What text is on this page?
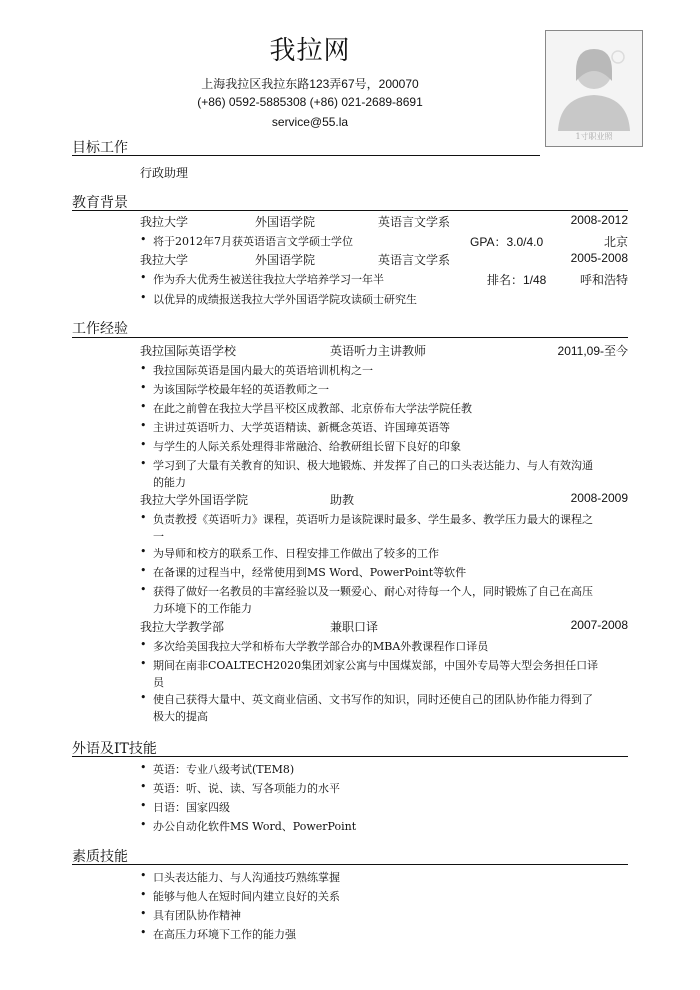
我拉网
上海我拉区我拉东路123弄67号，200070
(+86) 0592-5885308 (+86) 021-2689-8691
service@55.la
1寸职业照
目标工作
行政助理
教育背景
我拉大学	外国语学院	英语言文学系	2008-2012
• 将于2012年7月获英语语言文学硕士学位	GPA：3.0/4.0	北京
我拉大学	外国语学院	英语言文学系	2005-2008
• 作为乔大优秀生被送往我拉大学培养学习一年半	排名：1/48	呼和浩特
• 以优异的成绩报送我拉大学外国语学院攻读硕士研究生
工作经验
我拉国际英语学校	英语听力主讲教师	2011,09-至今
• 我拉国际英语是国内最大的英语培训机构之一
• 为该国际学校最年轻的英语教师之一
• 在此之前曾在我拉大学昌平校区成教部、北京侨布大学法学院任教
• 主讲过英语听力、大学英语精读、新概念英语、许国璋英语等
• 与学生的人际关系处理得非常融洽、给教研组长留下良好的印象
• 学习到了大量有关教育的知识、极大地锻炼、并发挥了自己的口头表达能力、与人有效沟通
的能力
我拉大学外国语学院	助教	2008-2009
• 负责教授《英语听力》课程，英语听力是该院课时最多、学生最多、教学压力最大的课程之
一
• 为导师和校方的联系工作、日程安排工作做出了较多的工作
• 在备课的过程当中，经常使用到MS Word、PowerPoint等软件
• 获得了做好一名教员的丰富经验以及一颗爱心、耐心对待每一个人，同时锻炼了自己在高压
力环境下的工作能力
我拉大学教学部	兼职口译	2007-2008
• 多次给美国我拉大学和桥布大学教学部合办的MBA外教课程作口译员
• 期间在南非COALTECH2020集团刘家公寓与中国煤炭部，中国外专局等大型会务担任口译
员
• 使自己获得大量中、英文商业信函、文书写作的知识，同时还使自己的团队协作能力得到了
极大的提高
外语及IT技能
• 英语：专业八级考试(TEM8)
• 英语：听、说、读、写各项能力的水平
• 日语：国家四级
• 办公自动化软件MS Word、PowerPoint
素质技能
• 口头表达能力、与人沟通技巧熟练掌握
• 能够与他人在短时间内建立良好的关系
• 具有团队协作精神
• 在高压力环境下工作的能力强
